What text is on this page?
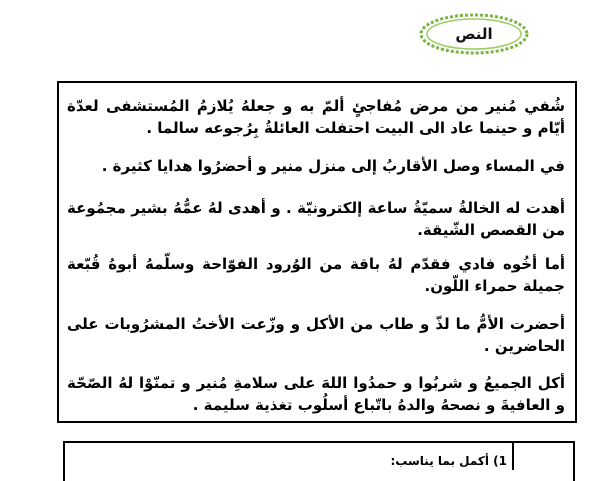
النص

شُفي مُنير من مرض مُفاجئٍ ألمّ به و جعلهُ يُلازمُ المُستشفى لعدّة أيّام و حينما عاد الى البيت احتفلت العائلةُ بِرُجوعه سالما .

في المساء وصل الأقاربُ إلى منزل منير و أحضرُوا هدايا كثيرة .

أهدت له الخالةُ سميّةُ ساعة إلكترونيّة . و أهدى لهُ عمُّهُ بشير مجمُوعة من القصص الشّيقة.

أما أخُوه فادي فقدّم لهُ باقة من الوُرود الفوّاحة وسلّمهُ أبوهُ قُبّعة جميلة حمراء اللّون.

أحضرت الأمُّ ما لذّ و طاب من الأكل و وزّعت الأختُ المشرُوبات على الحاضرين .

أكل الجميعُ و شربُوا و حمدُوا اللهَ على سلامةِ مُنير و تمنّوْا لهُ الصّحّة و العافيةَ و نصحهُ والدهُ باتّباع أسلُوب تغذية سليمة .

1) أكمل بما يناسب:
